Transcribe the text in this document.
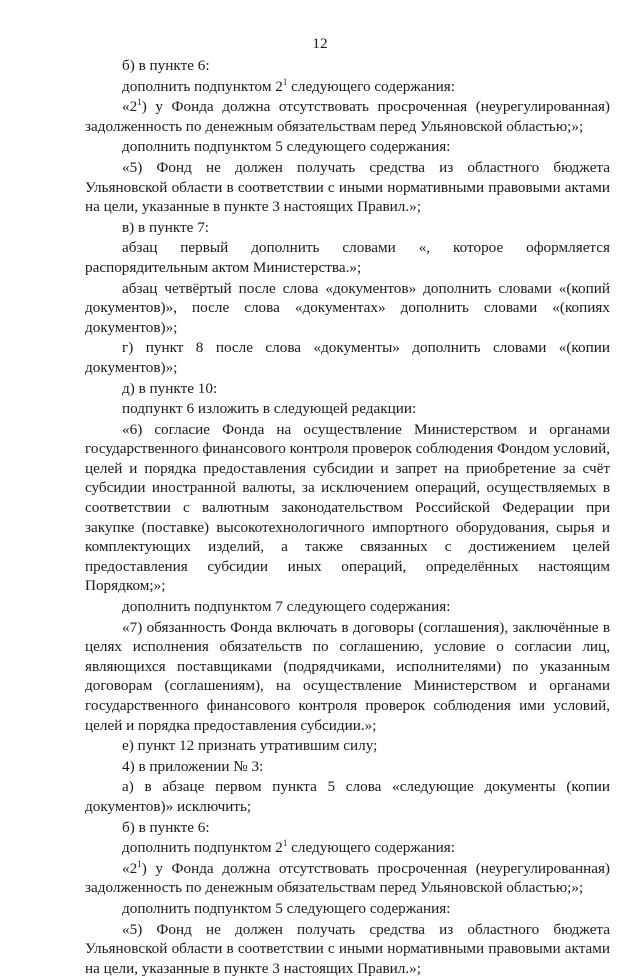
12

б) в пункте 6:

дополнить подпунктом $2^1$ следующего содержания:

«$2^1$) у Фонда должна отсутствовать просроченная (неурегулированная) задолженность по денежным обязательствам перед Ульяновской областью;»;

дополнить подпунктом 5 следующего содержания:

«5) Фонд не должен получать средства из областного бюджета Ульяновской области в соответствии с иными нормативными правовыми актами на цели, указанные в пункте 3 настоящих Правил.»;

в) в пункте 7:

абзац первый дополнить словами «, которое оформляется распорядительным актом Министерства.»;

абзац четвёртый после слова «документов» дополнить словами «(копий документов)», после слова «документах» дополнить словами «(копиях документов)»;

г) пункт 8 после слова «документы» дополнить словами «(копии документов)»;

д) в пункте 10:

подпункт 6 изложить в следующей редакции:

«6) согласие Фонда на осуществление Министерством и органами государственного финансового контроля проверок соблюдения Фондом условий, целей и порядка предоставления субсидии и запрет на приобретение за счёт субсидии иностранной валюты, за исключением операций, осуществляемых в соответствии с валютным законодательством Российской Федерации при закупке (поставке) высокотехнологичного импортного оборудования, сырья и комплектующих изделий, а также связанных с достижением целей предоставления субсидии иных операций, определённых настоящим Порядком;»;

дополнить подпунктом 7 следующего содержания:

«7) обязанность Фонда включать в договоры (соглашения), заключённые в целях исполнения обязательств по соглашению, условие о согласии лиц, являющихся поставщиками (подрядчиками, исполнителями) по указанным договорам (соглашениям), на осуществление Министерством и органами государственного финансового контроля проверок соблюдения ими условий, целей и порядка предоставления субсидии.»;

е) пункт 12 признать утратившим силу;

4) в приложении № 3:

а) в абзаце первом пункта 5 слова «следующие документы (копии документов)» исключить;

б) в пункте 6:

дополнить подпунктом $2^1$ следующего содержания:

«$2^1$) у Фонда должна отсутствовать просроченная (неурегулированная) задолженность по денежным обязательствам перед Ульяновской областью;»;

дополнить подпунктом 5 следующего содержания:

«5) Фонд не должен получать средства из областного бюджета Ульяновской области в соответствии с иными нормативными правовыми актами на цели, указанные в пункте 3 настоящих Правил.»;
